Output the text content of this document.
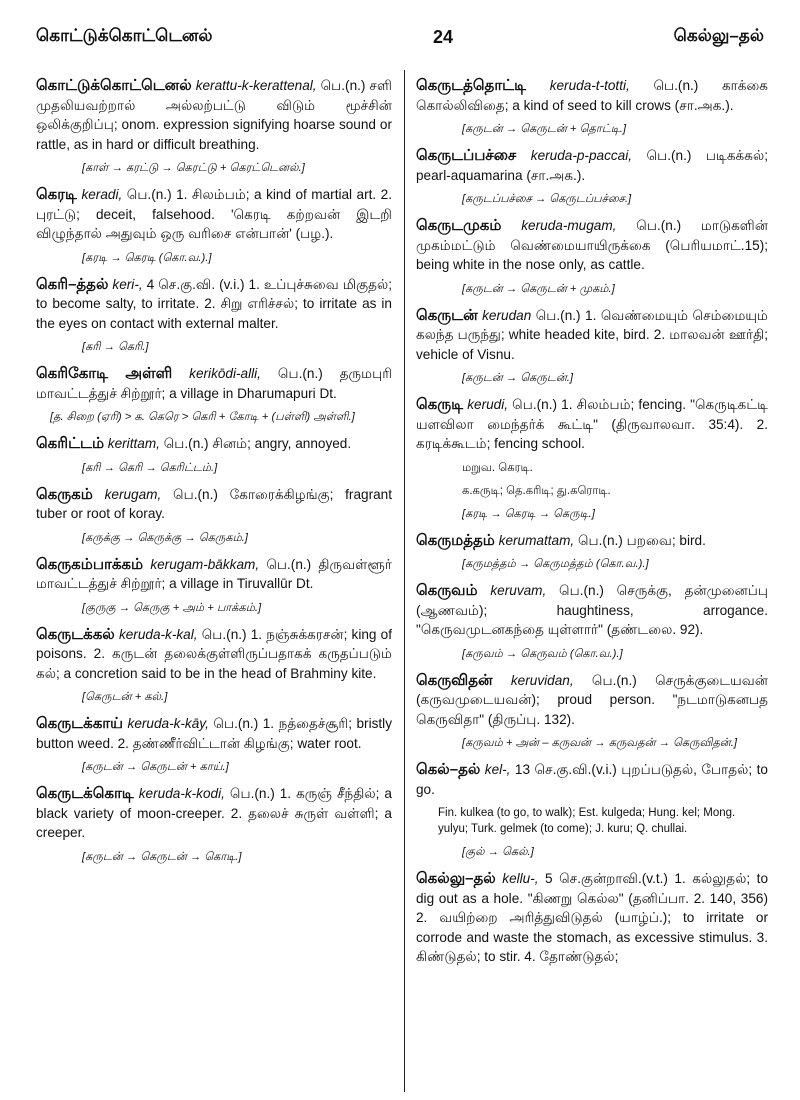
கொட்டுக்கொட்டெனல்	24	கெல்லு–தல்

கொட்டுக்கொட்டெனல் kerattu-k-kerattenal, பெ.(n.) சளி முதலியவற்றால் அல்லற்பட்டு விடும் மூச்சின் ஒலிக்குறிப்பு; onom. expression signifying hoarse sound or rattle, as in hard or difficult breathing.

[காள் → கரட்டு → கெரட்டு + கெரட்டெனல்.]

கெரடி keradi, பெ.(n.) 1. சிலம்பம்; a kind of martial art. 2. புரட்டு; deceit, falsehood. 'கெரடி கற்றவன் இடறி விழுந்தால் அதுவும் ஒரு வரிசை என்பான்' (பழ.).

[கரடி → கெரடி (கொ.வ.).]

கெரி–த்தல் keri-, 4 செ.கு.வி. (v.i.) 1. உப்புச்சுவை மிகுதல்; to become salty, to irritate. 2. சிறு எரிச்சல்; to irritate as in the eyes on contact with external malter.

[கரி → கெரி.]

கெரிகோடி அள்ளி kerikōdi-alli, பெ.(n.) தருமபுரி மாவட்டத்துச் சிற்றூர்; a village in Dharumapuri Dt.

[த. சிறை (ஏரி) > க. கெரெ > கெரி + கோடி + (பள்ளி) அள்ளி.]

கெரிட்டம் kerittam, பெ.(n.) சினம்; angry, annoyed.

[கரி → கெரி → கெரிட்டம்.]

கெருகம் kerugam, பெ.(n.) கோரைக்கிழங்கு; fragrant tuber or root of koray.

[கருக்கு → கெருக்கு → கெருகம்.]

கெருகம்பாக்கம் kerugam-bākkam, பெ.(n.) திருவள்ளூர் மாவட்டத்துச் சிற்றூர்; a village in Tiruvallūr Dt.

[குருகு → கெருகு + அம் + பாக்கம்.]

கெருடக்கல் keruda-k-kal, பெ.(n.) 1. நஞ்சுக்கரசன்; king of poisons. 2. கருடன் தலைக்குள்ளிருப்பதாகக் கருதப்படும் கல்; a concretion said to be in the head of Brahminy kite.

[கெருடன் + கல்.]

கெருடக்காய் keruda-k-kāy, பெ.(n.) 1. நத்தைச்சூரி; bristly button weed. 2. தண்ணீர்விட்டான் கிழங்கு; water root.

[கருடன் → கெருடன் + காய்.]

கெருடக்கொடி keruda-k-kodi, பெ.(n.) 1. கருஞ் சீந்தில்; a black variety of moon-creeper. 2. தலைச் சுருள் வள்ளி; a creeper.

[கருடன் → கெருடன் → கொடி.]

கெருடத்தொட்டி keruda-t-totti, பெ.(n.) காக்கை கொல்லிவிதை; a kind of seed to kill crows (சா.அக.).

[கருடன் → கெருடன் + தொட்டி.]

கெருடப்பச்சை keruda-p-paccai, பெ.(n.) படிகக்கல்; pearl-aquamarina (சா.அக.).

[கருடப்பச்சை → கெருடப்பச்சை.]

கெருடமுகம் keruda-mugam, பெ.(n.) மாடுகளின் முகம்மட்டும் வெண்மையாயிருக்கை (பெரியமாட்.15); being white in the nose only, as cattle.

[கருடன் → கெருடன் + முகம்.]

கெருடன் kerudan பெ.(n.) 1. வெண்மையும் செம்மையும் கலந்த பருந்து; white headed kite, bird. 2. மாலவன் ஊர்தி; vehicle of Visnu.

[கருடன் → கெருடன்.]

கெருடி kerudi, பெ.(n.) 1. சிலம்பம்; fencing. "கெருடிகட்டி யளவிலா மைந்தர்க் கூட்டி" (திருவாலவா. 35:4). 2. கரடிக்கூடம்; fencing school.

மறுவ. கெரடி.
க.கருடி; தெ.கரிடி; து.கரொடி.
[கரடி → கெரடி → கெருடி.]

கெருமத்தம் kerumattam, பெ.(n.) பறவை; bird.

[கருமத்தம் → கெருமத்தம் (கொ.வ.).]

கெருவம் keruvam, பெ.(n.) செருக்கு, தன்முனைப்பு (ஆணவம்); haughtiness, arrogance. "கெருவமுடனகந்தை யுள்ளார்" (தண்டலை. 92).

[கருவம் → கெருவம் (கொ.வ.).]

கெருவிதன் keruvidan, பெ.(n.) செருக்குடையவன் (கருவமுடையவன்); proud person. "நடமாடுகனபத கெருவிதா" (திருப்பு. 132).

[கருவம் + அன் – கருவன் → கருவதன் → கெருவிதன்.]

கெல்–தல் kel-, 13 செ.கு.வி.(v.i.) புறப்படுதல், போதல்; to go.

Fin. kulkea (to go, to walk); Est. kulgeda; Hung. kel; Mong. yulyu; Turk. gelmek (to come); J. kuru; Q. chullai.
[குல் → கெல்.]

கெல்லு–தல் kellu-, 5 செ.குன்றாவி.(v.t.) 1. கல்லுதல்; to dig out as a hole. "கிணறு கெல்ல" (தனிப்பா. 2. 140, 356) 2. வயிற்றை அரித்துவிடுதல் (யாழ்ப்.); to irritate or corrode and waste the stomach, as excessive stimulus. 3. கிண்டுதல்; to stir. 4. தோண்டுதல்;
